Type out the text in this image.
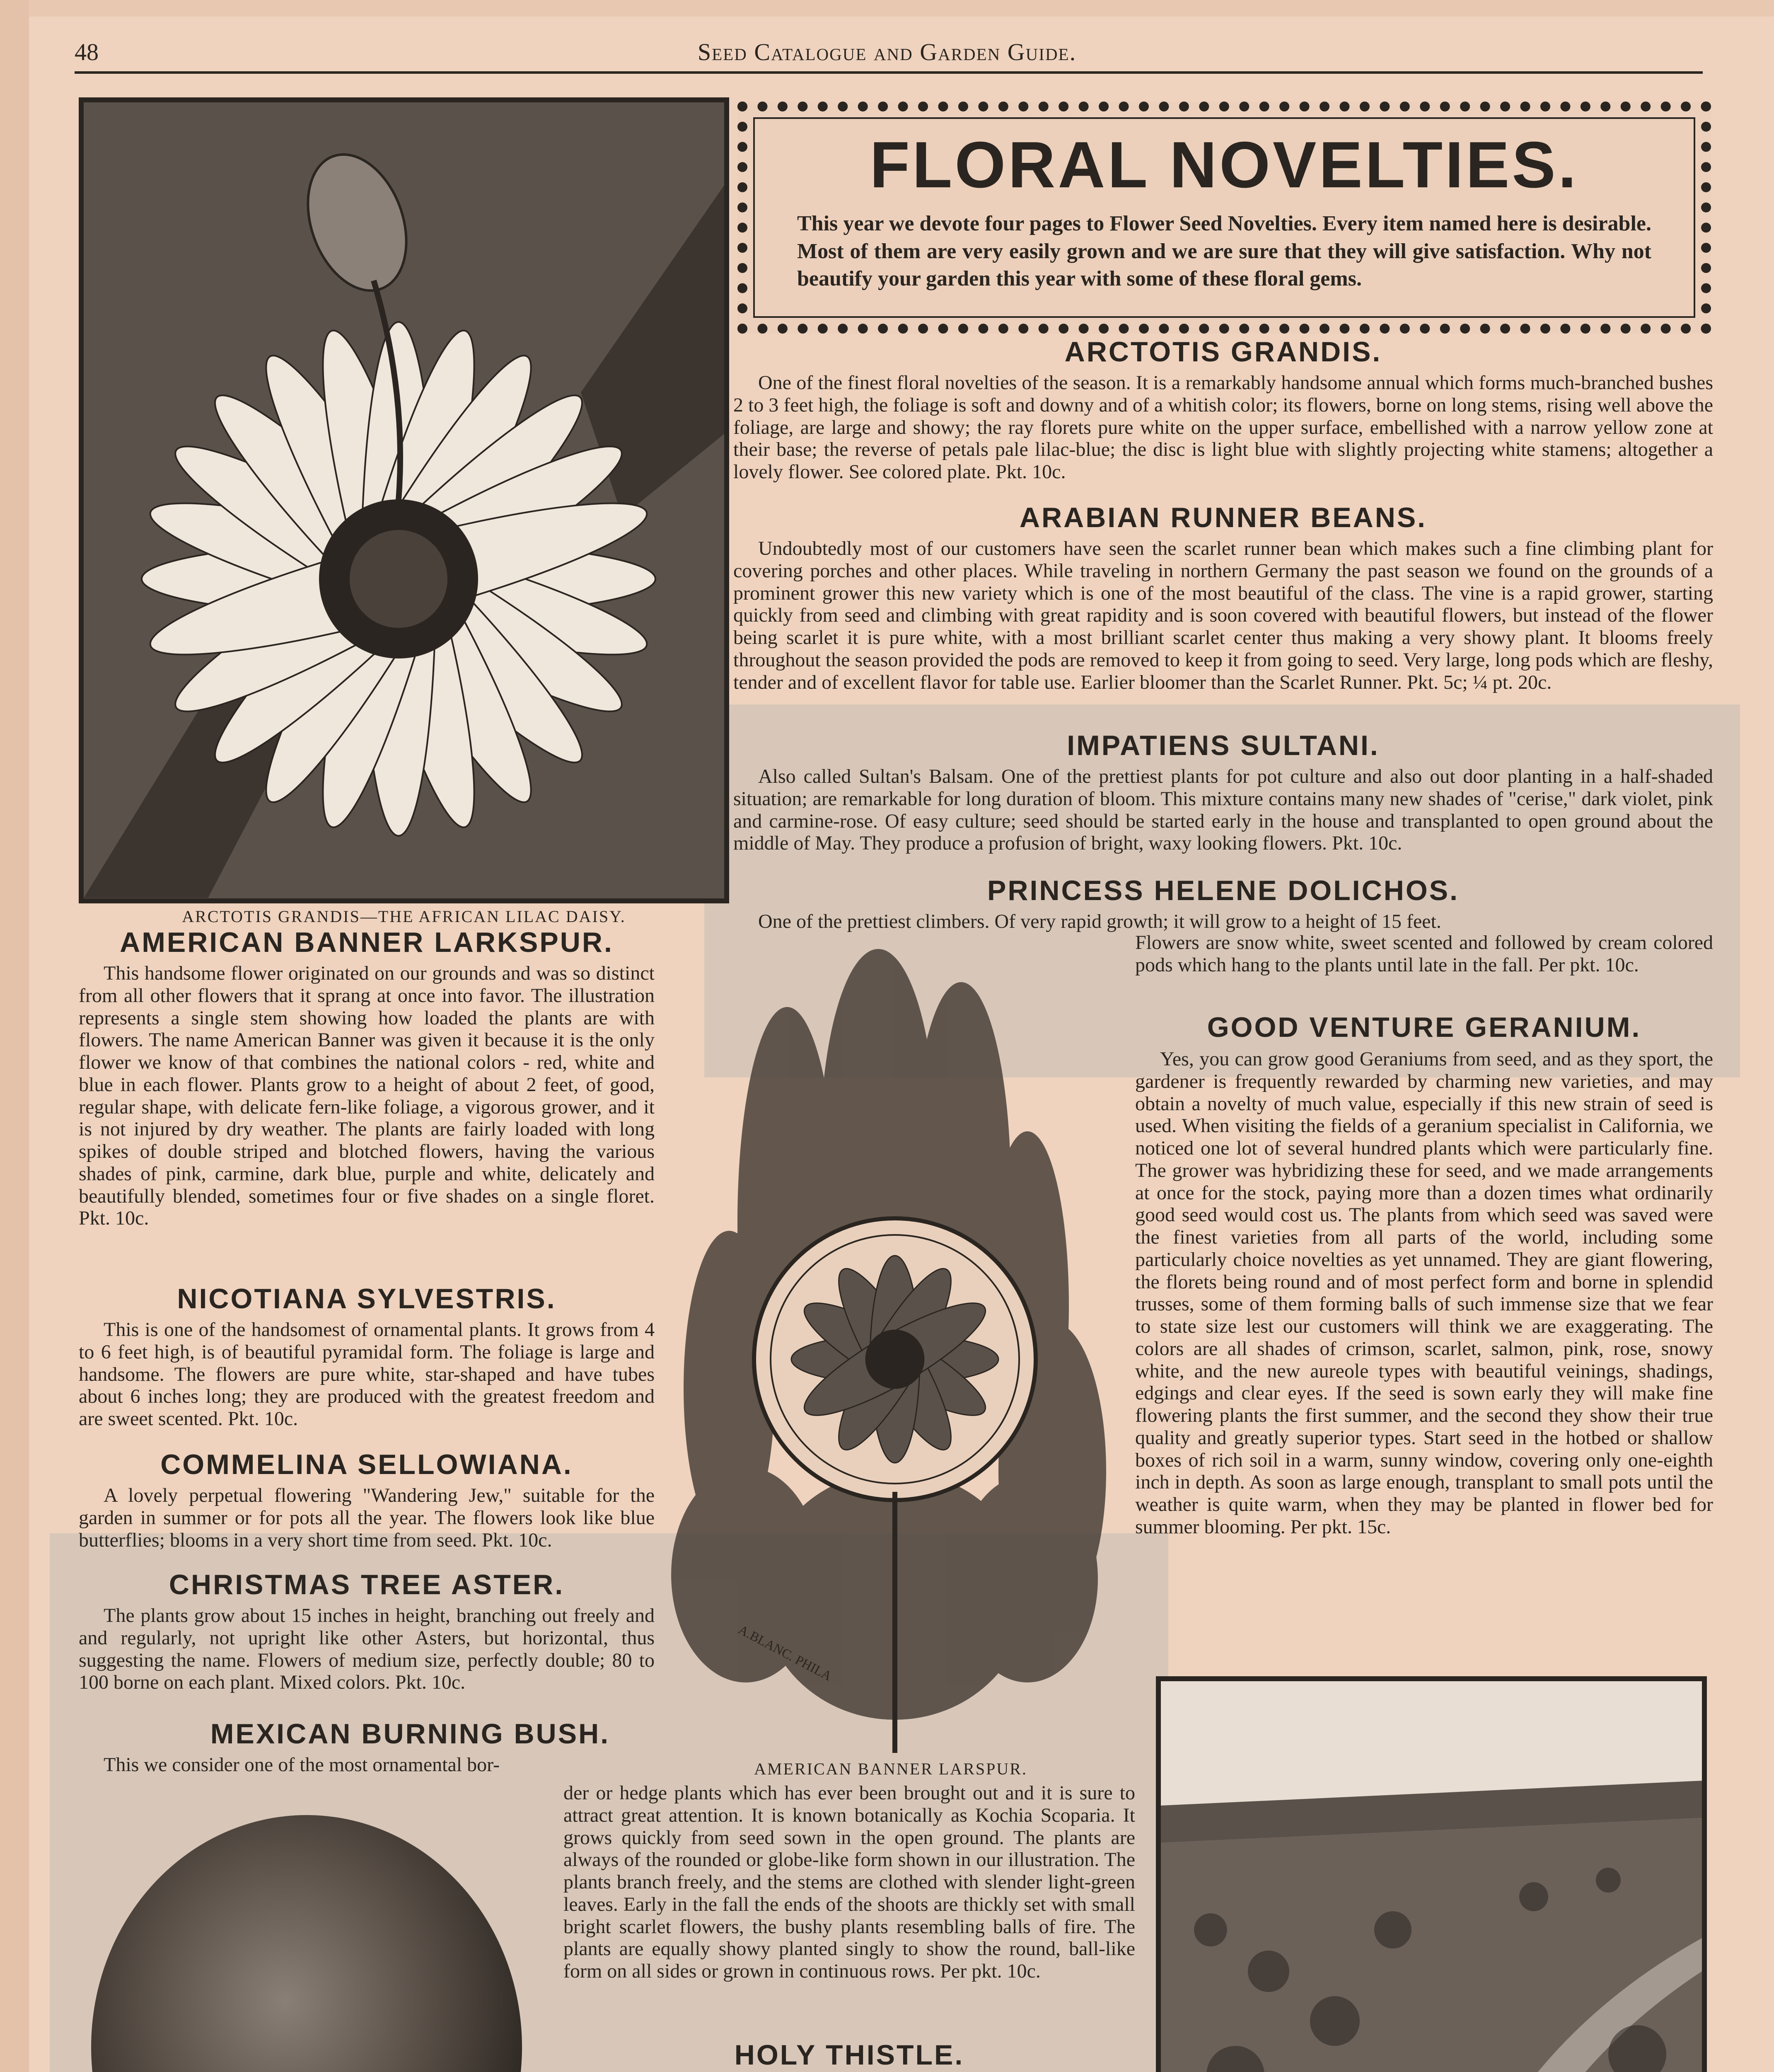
48	Seed Catalogue and Garden Guide.
ARCTOTIS GRANDIS—THE AFRICAN LILAC DAISY.
FLORAL NOVELTIES.
This year we devote four pages to Flower Seed Novelties. Every item named here is desirable. Most of them are very easily grown and we are sure that they will give satisfaction. Why not beautify your garden this year with some of these floral gems.
ARCTOTIS GRANDIS.
One of the finest floral novelties of the season. It is a remarkably handsome annual which forms much-branched bushes 2 to 3 feet high, the foliage is soft and downy and of a whitish color; its flowers, borne on long stems, rising well above the foliage, are large and showy; the ray florets pure white on the upper surface, embellished with a narrow yellow zone at their base; the reverse of petals pale lilac-blue; the disc is light blue with slightly projecting white stamens; altogether a lovely flower. See colored plate. Pkt. 10c.
ARABIAN RUNNER BEANS.
Undoubtedly most of our customers have seen the scarlet runner bean which makes such a fine climbing plant for covering porches and other places. While traveling in northern Germany the past season we found on the grounds of a prominent grower this new variety which is one of the most beautiful of the class. The vine is a rapid grower, starting quickly from seed and climbing with great rapidity and is soon covered with beautiful flowers, but instead of the flower being scarlet it is pure white, with a most brilliant scarlet center thus making a very showy plant. It blooms freely throughout the season provided the pods are removed to keep it from going to seed. Very large, long pods which are fleshy, tender and of excellent flavor for table use. Earlier bloomer than the Scarlet Runner. Pkt. 5c; ¼ pt. 20c.
IMPATIENS SULTANI.
Also called Sultan's Balsam. One of the prettiest plants for pot culture and also out door planting in a half-shaded situation; are remarkable for long duration of bloom. This mixture contains many new shades of "cerise," dark violet, pink and carmine-rose. Of easy culture; seed should be started early in the house and transplanted to open ground about the middle of May. They produce a profusion of bright, waxy looking flowers. Pkt. 10c.
PRINCESS HELENE DOLICHOS.
One of the prettiest climbers. Of very rapid growth; it will grow to a height of 15 feet.
Flowers are snow white, sweet scented and followed by cream colored pods which hang to the plants until late in the fall. Per pkt. 10c.
A.BLANC. PHILA
AMERICAN BANNER LARSPUR.
GOOD VENTURE GERANIUM.
Yes, you can grow good Geraniums from seed, and as they sport, the gardener is frequently rewarded by charming new varieties, and may obtain a novelty of much value, especially if this new strain of seed is used. When visiting the fields of a geranium specialist in California, we noticed one lot of several hundred plants which were particularly fine. The grower was hybridizing these for seed, and we made arrangements at once for the stock, paying more than a dozen times what ordinarily good seed would cost us. The plants from which seed was saved were the finest varieties from all parts of the world, including some particularly choice novelties as yet unnamed. They are giant flowering, the florets being round and of most perfect form and borne in splendid trusses, some of them forming balls of such immense size that we fear to state size lest our customers will think we are exaggerating. The colors are all shades of crimson, scarlet, salmon, pink, rose, snowy white, and the new aureole types with beautiful veinings, shadings, edgings and clear eyes. If the seed is sown early they will make fine flowering plants the first summer, and the second they show their true quality and greatly superior types. Start seed in the hotbed or shallow boxes of rich soil in a warm, sunny window, covering only one-eighth inch in depth. As soon as large enough, transplant to small pots until the weather is quite warm, when they may be planted in flower bed for summer blooming. Per pkt. 15c.
AMERICAN BANNER LARKSPUR.
This handsome flower originated on our grounds and was so distinct from all other flowers that it sprang at once into favor. The illustration represents a single stem showing how loaded the plants are with flowers. The name American Banner was given it because it is the only flower we know of that combines the national colors - red, white and blue in each flower. Plants grow to a height of about 2 feet, of good, regular shape, with delicate fern-like foliage, a vigorous grower, and it is not injured by dry weather. The plants are fairly loaded with long spikes of double striped and blotched flowers, having the various shades of pink, carmine, dark blue, purple and white, delicately and beautifully blended, sometimes four or five shades on a single floret. Pkt. 10c.
NICOTIANA SYLVESTRIS.
This is one of the handsomest of ornamental plants. It grows from 4 to 6 feet high, is of beautiful pyramidal form. The foliage is large and handsome. The flowers are pure white, star-shaped and have tubes about 6 inches long; they are produced with the greatest freedom and are sweet scented. Pkt. 10c.
COMMELINA SELLOWIANA.
A lovely perpetual flowering "Wandering Jew," suitable for the garden in summer or for pots all the year. The flowers look like blue butterflies; blooms in a very short time from seed. Pkt. 10c.
CHRISTMAS TREE ASTER.
The plants grow about 15 inches in height, branching out freely and and regularly, not upright like other Asters, but horizontal, thus suggesting the name. Flowers of medium size, perfectly double; 80 to 100 borne on each plant. Mixed colors. Pkt. 10c.
MEXICAN BURNING BUSH.
This we consider one of the most ornamental bor-
der or hedge plants which has ever been brought out and it is sure to attract great attention. It is known botanically as Kochia Scoparia. It grows quickly from seed sown in the open ground. The plants are always of the rounded or globe-like form shown in our illustration. The plants branch freely, and the stems are clothed with slender light-green leaves. Early in the fall the ends of the shoots are thickly set with small bright scarlet flowers, the bushy plants resembling balls of fire. The plants are equally showy planted singly to show the round, ball-like form on all sides or grown in continuous rows. Per pkt. 10c.
HOLY THISTLE.
